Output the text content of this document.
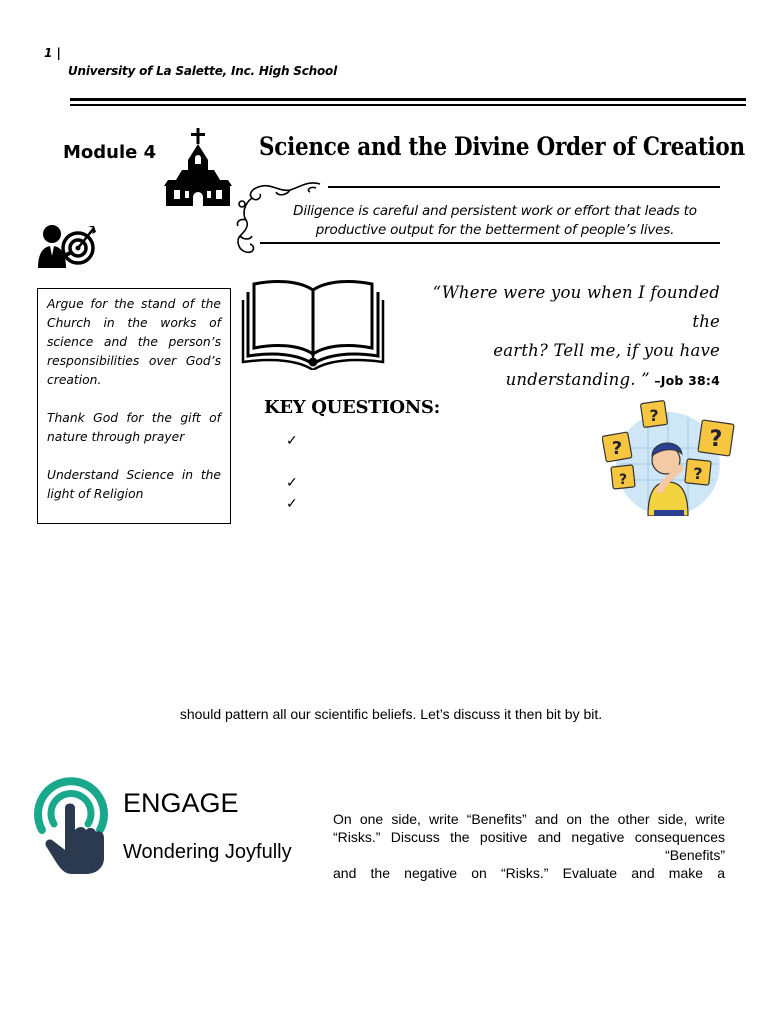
1 |
University of La Salette, Inc. High School
Module 4	Science and the Divine Order of Creation
Diligence is careful and persistent work or effort that leads to
productive output for the betterment of people’s lives.

Argue for the stand of the Church in the works of science and the person’s responsibilities over God’s creation.

Thank God for the gift of nature through prayer

Understand Science in the light of Religion

“Where were you when I founded the
earth? Tell me, if you have
understanding. ” –Job 38:4
KEY QUESTIONS:
✓
✓
✓
?
?	?
?
?
should pattern all our scientific beliefs. Let’s discuss it then bit by bit.
ENGAGE
Wondering Joyfully
On one side, write “Benefits” and on the other side, write
“Risks.” Discuss the positive and negative consequences
“Benefits”
and the negative on “Risks.” Evaluate and make a
